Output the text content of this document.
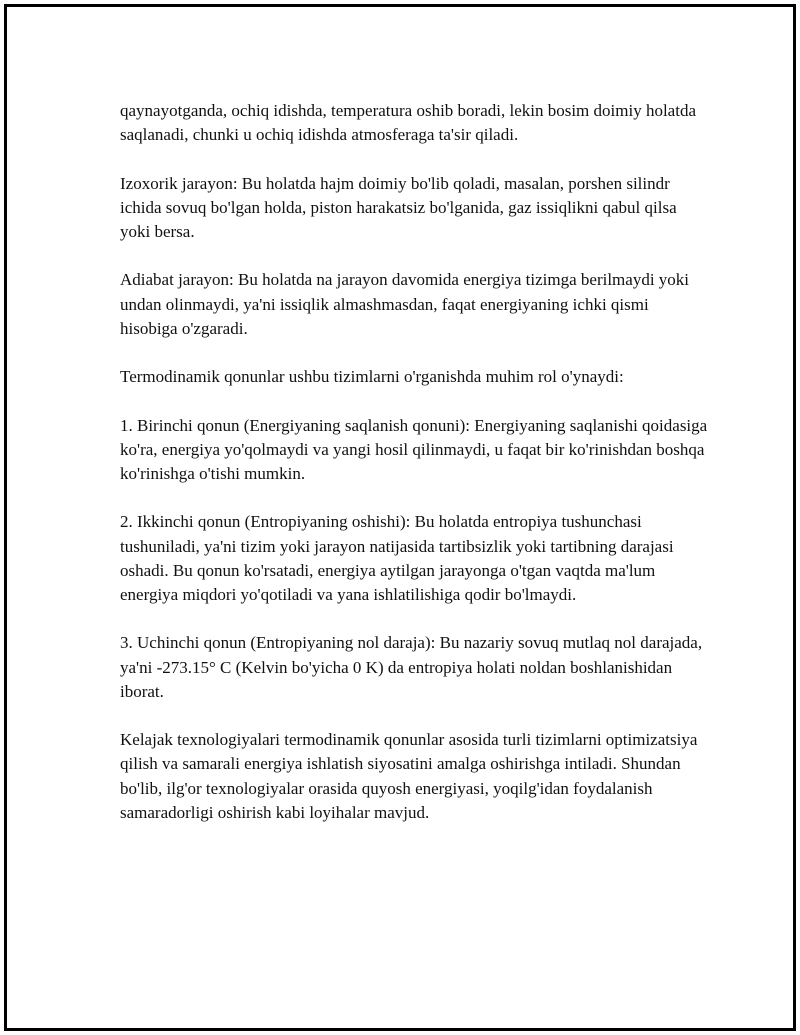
qaynayotganda, ochiq idishda, temperatura oshib boradi, lekin bosim doimiy holatda saqlanadi, chunki u ochiq idishda atmosferaga ta'sir qiladi.

Izoxorik jarayon: Bu holatda hajm doimiy bo'lib qoladi, masalan, porshen silindr ichida sovuq bo'lgan holda, piston harakatsiz bo'lganida, gaz issiqlikni qabul qilsa yoki bersa.

Adiabat jarayon: Bu holatda na jarayon davomida energiya tizimga berilmaydi yoki undan olinmaydi, ya'ni issiqlik almashmasdan, faqat energiyaning ichki qismi hisobiga o'zgaradi.

Termodinamik qonunlar ushbu tizimlarni o'rganishda muhim rol o'ynaydi:

1. Birinchi qonun (Energiyaning saqlanish qonuni): Energiyaning saqlanishi qoidasiga ko'ra, energiya yo'qolmaydi va yangi hosil qilinmaydi, u faqat bir ko'rinishdan boshqa ko'rinishga o'tishi mumkin.

2. Ikkinchi qonun (Entropiyaning oshishi): Bu holatda entropiya tushunchasi tushuniladi, ya'ni tizim yoki jarayon natijasida tartibsizlik yoki tartibning darajasi oshadi. Bu qonun ko'rsatadi, energiya aytilgan jarayonga o'tgan vaqtda ma'lum energiya miqdori yo'qotiladi va yana ishlatilishiga qodir bo'lmaydi.

3. Uchinchi qonun (Entropiyaning nol daraja): Bu nazariy sovuq mutlaq nol darajada, ya'ni -273.15° C (Kelvin bo'yicha 0 K) da entropiya holati noldan boshlanishidan iborat.

Kelajak texnologiyalari termodinamik qonunlar asosida turli tizimlarni optimizatsiya qilish va samarali energiya ishlatish siyosatini amalga oshirishga intiladi. Shundan bo'lib, ilg'or texnologiyalar orasida quyosh energiyasi, yoqilg'idan foydalanish samaradorligi oshirish kabi loyihalar mavjud.
